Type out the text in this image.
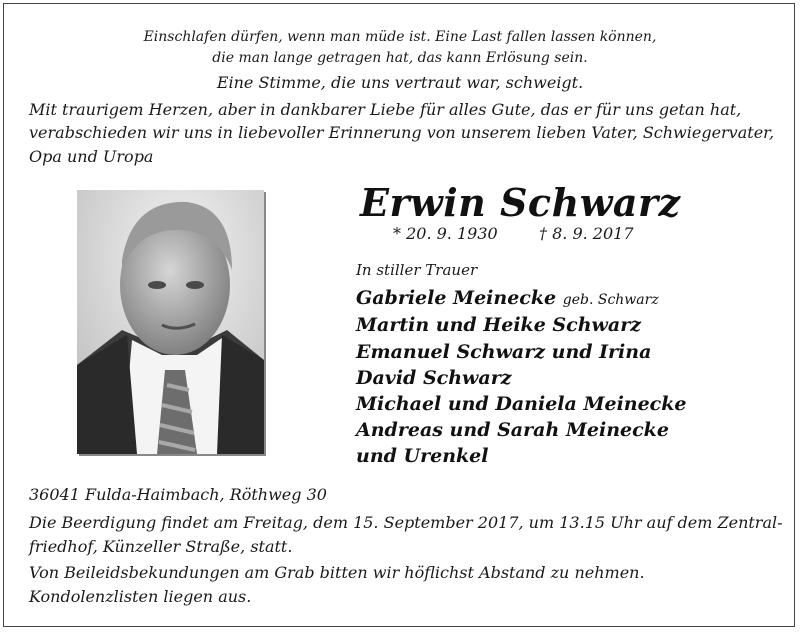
Einschlafen dürfen, wenn man müde ist. Eine Last fallen lassen können,
die man lange getragen hat, das kann Erlösung sein.
Eine Stimme, die uns vertraut war, schweigt.
Mit traurigem Herzen, aber in dankbarer Liebe für alles Gute, das er für uns getan hat,
verabschieden wir uns in liebevoller Erinnerung von unserem lieben Vater, Schwiegervater,
Opa und Uropa
Erwin Schwarz
* 20. 9. 1930	† 8. 9. 2017
In stiller Trauer
Gabriele Meinecke geb. Schwarz
Martin und Heike Schwarz
Emanuel Schwarz und Irina
David Schwarz
Michael und Daniela Meinecke
Andreas und Sarah Meinecke
und Urenkel
36041 Fulda-Haimbach, Röthweg 30
Die Beerdigung findet am Freitag, dem 15. September 2017, um 13.15 Uhr auf dem Zentral-
friedhof, Künzeller Straße, statt.
Von Beileidsbekundungen am Grab bitten wir höflichst Abstand zu nehmen.
Kondolenzlisten liegen aus.
